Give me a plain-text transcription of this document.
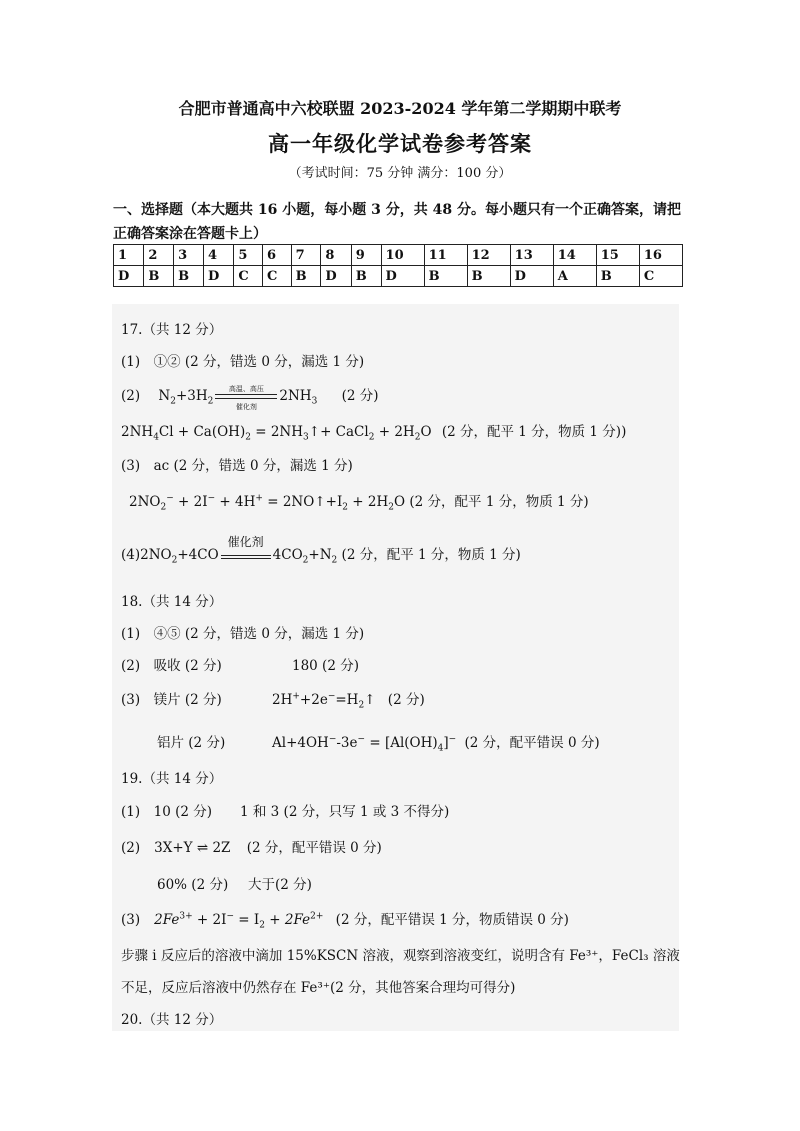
合肥市普通高中六校联盟 2023-2024 学年第二学期期中联考
高一年级化学试卷参考答案
（考试时间：75 分钟 满分：100 分）
一、选择题（本大题共 16 小题，每小题 3 分，共 48 分。每小题只有一个正确答案，请把正确答案涂在答题卡上）
1	2	3	4	5	6	7	8	9	10	11	12	13	14	15	16
D	B	B	D	C	C	B	D	B	D	B	B	D	A	B	C
17.（共 12 分）
(1)　①② (2 分，错选 0 分，漏选 1 分)
(2) $N_2+3H_2$
高温、高压
催化剂
$2NH_3$ (2 分)
$2NH_4Cl + Ca(OH)_2$ = $2NH_3↑+$ CaCl$_2$ + $2H_2O$ (2 分，配平 1 分，物质 1 分))
(3)　ac (2 分，错选 0 分，漏选 1 分)
$2NO_2^- + 2I^- + 4H^+$ = $2NO↑+I_2 + 2H_2O$ (2 分，配平 1 分，物质 1 分)
$(4)2NO_2+4CO$
催化剂
$4CO_2+N_2$ (2 分，配平 1 分，物质 1 分)
18.（共 14 分）
(1)　④⑤ (2 分，错选 0 分，漏选 1 分)
(2)　吸收 (2 分)	180 (2 分)
(3)　镁片 (2 分)	$2H^++2e^-=H_2↑$ (2 分)
铝片 (2 分)	$Al+4OH^--3e^- = [Al(OH)_4]^-$ (2 分，配平错误 0 分)
19.（共 14 分）
(1)　10 (2 分) 1 和 3 (2 分，只写 1 或 3 不得分)
(2) 3X+Y ⇌ 2Z (2 分，配平错误 0 分)
60% (2 分) 大于(2 分)
(3) $2Fe^{3+} + 2I^- = I_2 + 2Fe^{2+}$ (2 分，配平错误 1 分，物质错误 0 分)
步骤 i 反应后的溶液中滴加 15%KSCN 溶液，观察到溶液变红，说明含有 Fe³⁺，FeCl₃ 溶液
不足，反应后溶液中仍然存在 Fe³⁺(2 分，其他答案合理均可得分)
20.（共 12 分）
